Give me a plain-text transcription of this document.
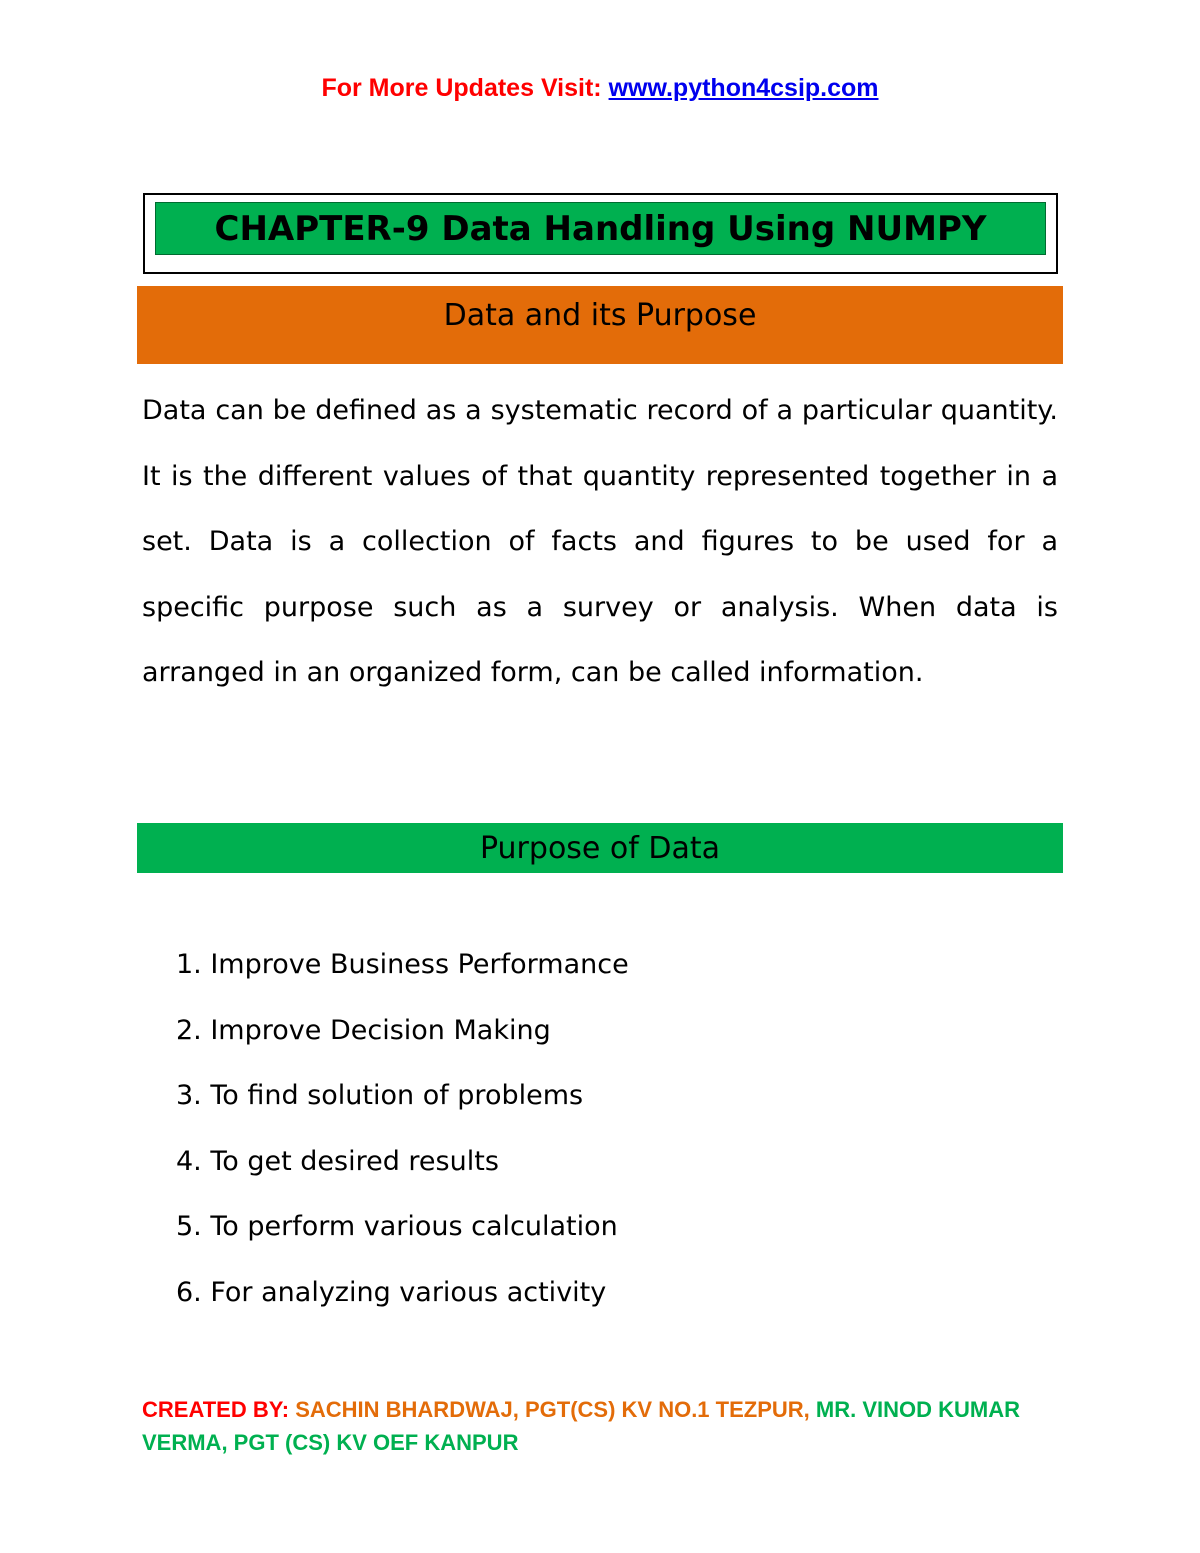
For More Updates Visit: www.python4csip.com
CHAPTER-9 Data Handling Using NUMPY
Data and its Purpose
Data can be defined as a systematic record of a particular quantity. It is the different values of that quantity represented together in a set. Data is a collection of facts and figures to be used for a specific purpose such as a survey or analysis. When data is arranged in an organized form, can be called information.
Purpose of Data
1. Improve Business Performance
2. Improve Decision Making
3. To find solution of problems
4. To get desired results
5. To perform various calculation
6. For analyzing various activity
CREATED BY: SACHIN BHARDWAJ, PGT(CS) KV NO.1 TEZPUR, MR. VINOD KUMAR VERMA, PGT (CS) KV OEF KANPUR
